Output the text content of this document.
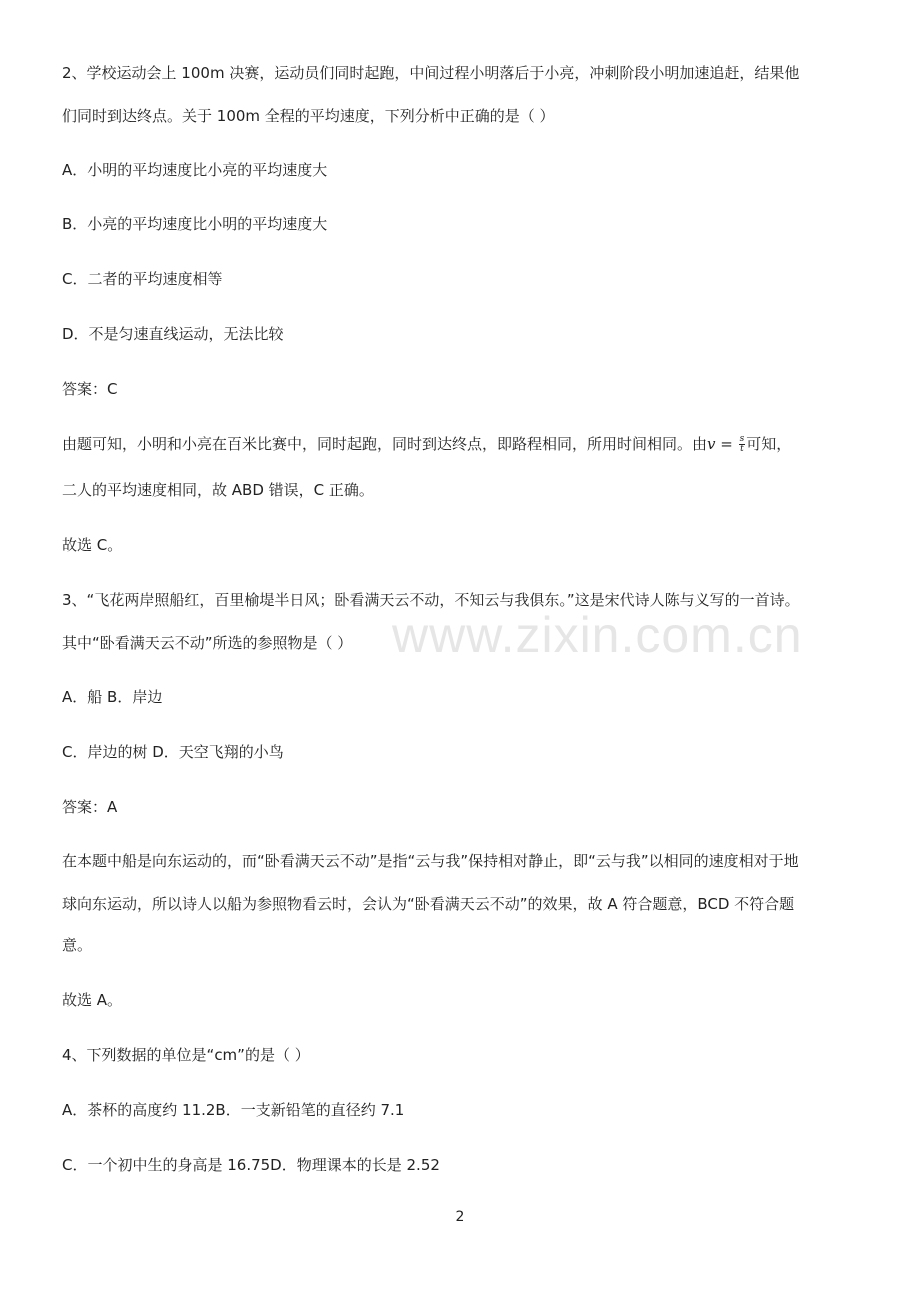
www.zixin.com.cn
2、学校运动会上 100m 决赛，运动员们同时起跑，中间过程小明落后于小亮，冲刺阶段小明加速追赶，结果他
们同时到达终点。关于 100m 全程的平均速度，下列分析中正确的是（ ）
A．小明的平均速度比小亮的平均速度大
B．小亮的平均速度比小明的平均速度大
C．二者的平均速度相等
D．不是匀速直线运动，无法比较
答案：C
由题可知，小明和小亮在百米比赛中，同时起跑，同时到达终点，即路程相同，所用时间相同。由$v = \frac{s}{t}$ 可知，
二人的平均速度相同，故 ABD 错误，C 正确。
故选 C。
3、“飞花两岸照船红，百里榆堤半日风；卧看满天云不动，不知云与我俱东。”这是宋代诗人陈与义写的一首诗。
其中“卧看满天云不动”所选的参照物是（ ）
A．船 B．岸边
C．岸边的树 D．天空飞翔的小鸟
答案：A
在本题中船是向东运动的，而“卧看满天云不动”是指“云与我”保持相对静止，即“云与我”以相同的速度相对于地
球向东运动，所以诗人以船为参照物看云时，会认为“卧看满天云不动”的效果，故 A 符合题意，BCD 不符合题
意。
故选 A。
4、下列数据的单位是“cm”的是（ ）
A．茶杯的高度约 11.2B．一支新铅笔的直径约 7.1
C．一个初中生的身高是 16.75D．物理课本的长是 2.52
2
